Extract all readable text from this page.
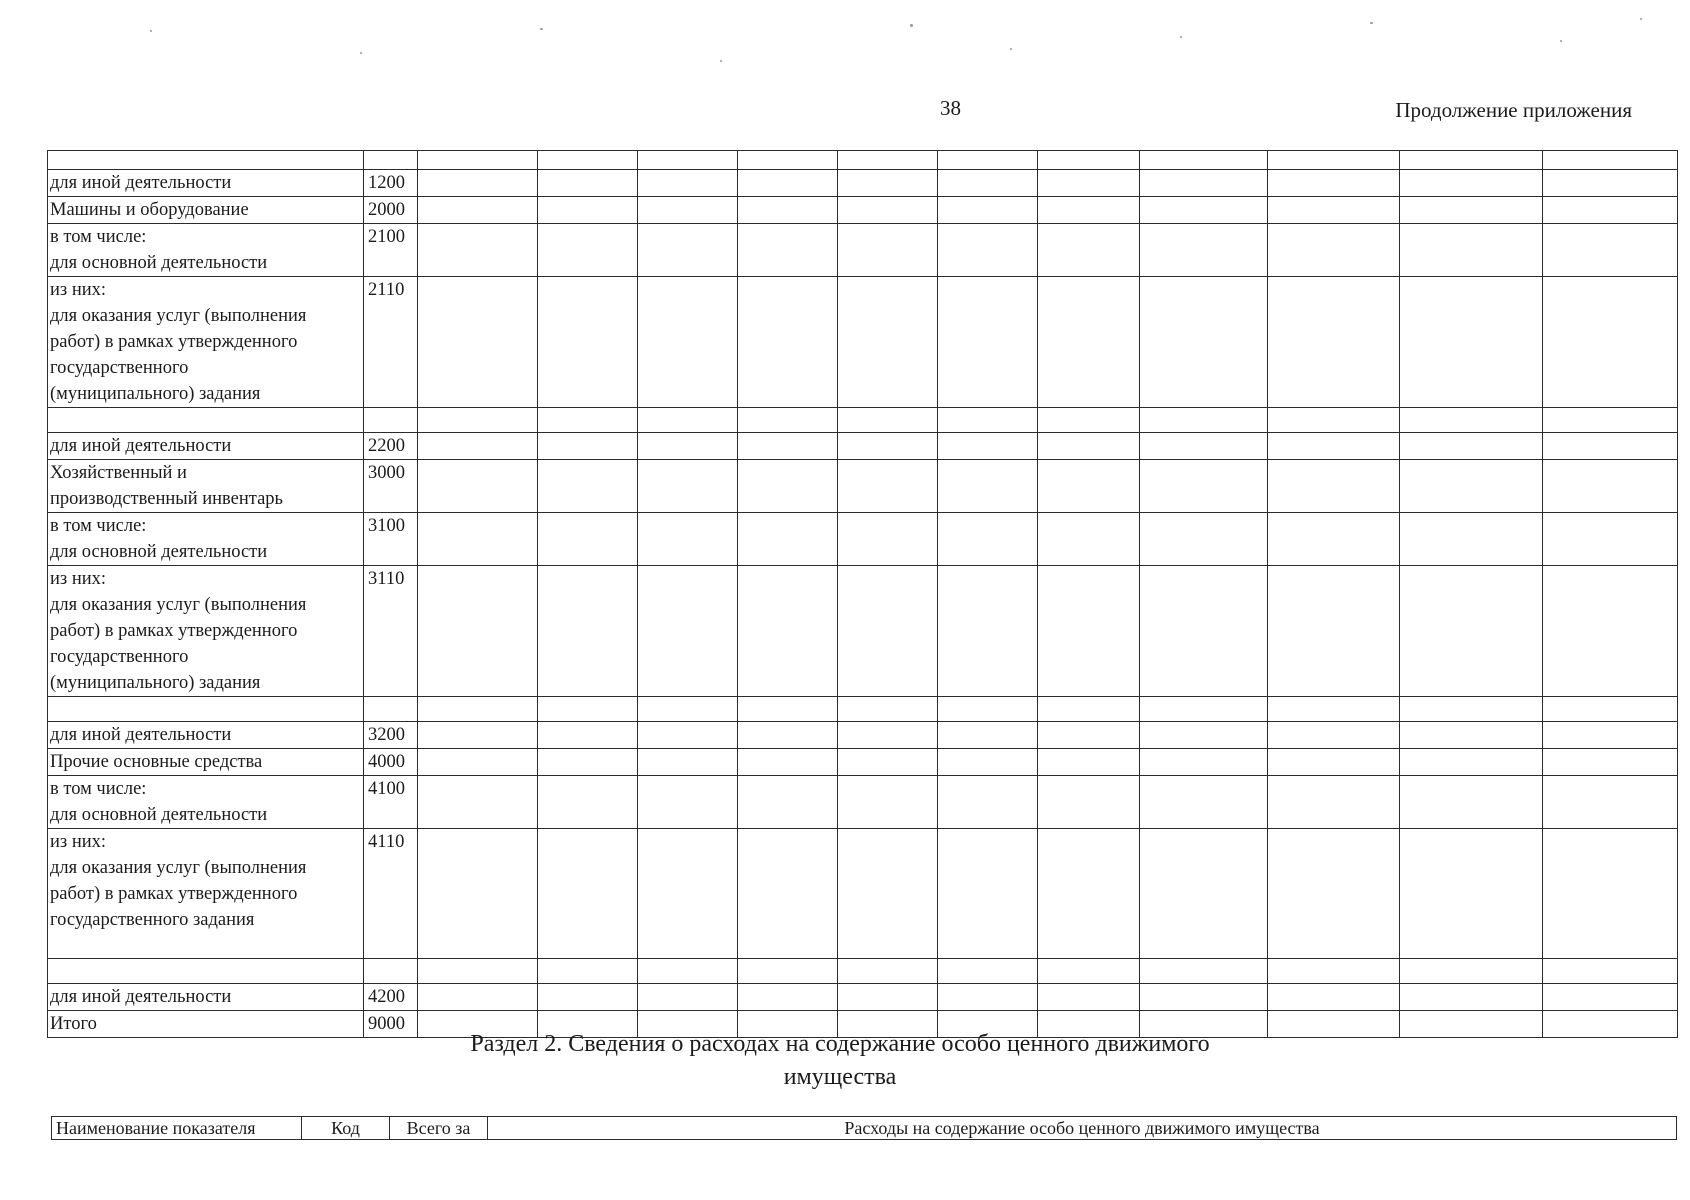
38	Продолжение приложения

для иной деятельности	1200											

Машины и оборудование	2000											

в том числе:
для основной деятельности	2100											

из них:
для оказания услуг (выполнения
работ) в рамках утвержденного
государственного
(муниципального) задания	2110											

для иной деятельности	2200											

Хозяйственный и
производственный инвентарь	3000											

в том числе:
для основной деятельности	3100											

из них:
для оказания услуг (выполнения
работ) в рамках утвержденного
государственного
(муниципального) задания	3110											

для иной деятельности	3200											

Прочие основные средства	4000											

в том числе:
для основной деятельности	4100											

из них:
для оказания услуг (выполнения
работ) в рамках утвержденного
государственного задания	4110											

для иной деятельности	4200											

Итого	9000											
Раздел 2. Сведения о расходах на содержание особо ценного движимого
имущества
Наименование показателя	Код	Всего за	Расходы на содержание особо ценного движимого имущества
